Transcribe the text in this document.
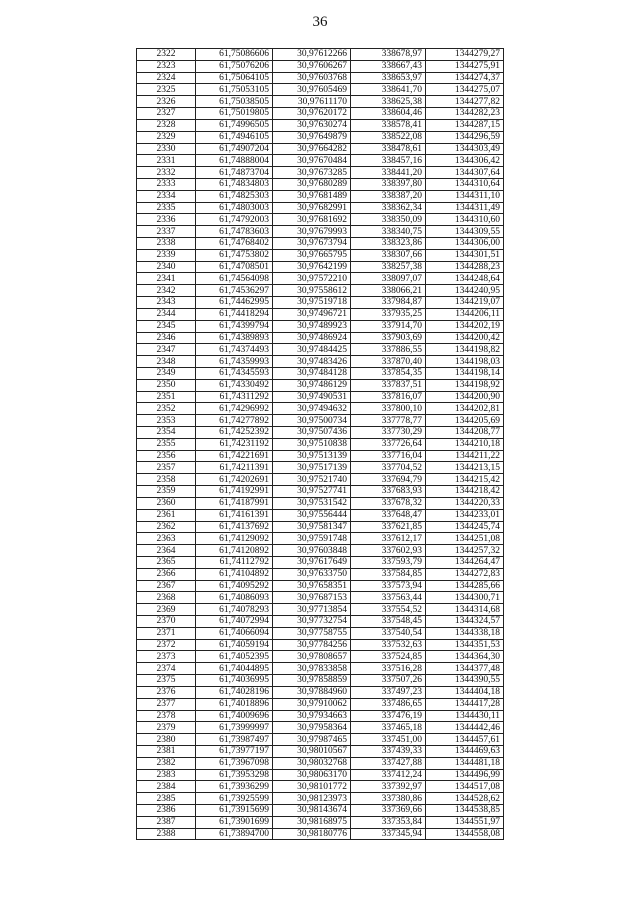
36
2322	61,75086606	30,97612266	338678,97	1344279,27
2323	61,75076206	30,97606267	338667,43	1344275,91
2324	61,75064105	30,97603768	338653,97	1344274,37
2325	61,75053105	30,97605469	338641,70	1344275,07
2326	61,75038505	30,97611170	338625,38	1344277,82
2327	61,75019805	30,97620172	338604,46	1344282,23
2328	61,74996505	30,97630274	338578,41	1344287,15
2329	61,74946105	30,97649879	338522,08	1344296,59
2330	61,74907204	30,97664282	338478,61	1344303,49
2331	61,74888004	30,97670484	338457,16	1344306,42
2332	61,74873704	30,97673285	338441,20	1344307,64
2333	61,74834803	30,97680289	338397,80	1344310,64
2334	61,74825303	30,97681489	338387,20	1344311,10
2335	61,74803003	30,97682991	338362,34	1344311,49
2336	61,74792003	30,97681692	338350,09	1344310,60
2337	61,74783603	30,97679993	338340,75	1344309,55
2338	61,74768402	30,97673794	338323,86	1344306,00
2339	61,74753802	30,97665795	338307,66	1344301,51
2340	61,74708501	30,97642199	338257,38	1344288,23
2341	61,74564098	30,97572210	338097,07	1344248,64
2342	61,74536297	30,97558612	338066,21	1344240,95
2343	61,74462995	30,97519718	337984,87	1344219,07
2344	61,74418294	30,97496721	337935,25	1344206,11
2345	61,74399794	30,97489923	337914,70	1344202,19
2346	61,74389893	30,97486924	337903,69	1344200,42
2347	61,74374493	30,97484425	337886,55	1344198,82
2348	61,74359993	30,97483426	337870,40	1344198,03
2349	61,74345593	30,97484128	337854,35	1344198,14
2350	61,74330492	30,97486129	337837,51	1344198,92
2351	61,74311292	30,97490531	337816,07	1344200,90
2352	61,74296992	30,97494632	337800,10	1344202,81
2353	61,74277892	30,97500734	337778,77	1344205,69
2354	61,74252392	30,97507436	337730,29	1344208,77
2355	61,74231192	30,97510838	337726,64	1344210,18
2356	61,74221691	30,97513139	337716,04	1344211,22
2357	61,74211391	30,97517139	337704,52	1344213,15
2358	61,74202691	30,97521740	337694,79	1344215,42
2359	61,74192991	30,97527741	337683,93	1344218,42
2360	61,74187991	30,97531542	337678,32	1344220,33
2361	61,74161391	30,97556444	337648,47	1344233,01
2362	61,74137692	30,97581347	337621,85	1344245,74
2363	61,74129092	30,97591748	337612,17	1344251,08
2364	61,74120892	30,97603848	337602,93	1344257,32
2365	61,74112792	30,97617649	337593,79	1344264,47
2366	61,74104892	30,97633750	337584,85	1344272,83
2367	61,74095292	30,97658351	337573,94	1344285,66
2368	61,74086093	30,97687153	337563,44	1344300,71
2369	61,74078293	30,97713854	337554,52	1344314,68
2370	61,74072994	30,97732754	337548,45	1344324,57
2371	61,74066094	30,97758755	337540,54	1344338,18
2372	61,74059194	30,97784256	337532,63	1344351,53
2373	61,74052395	30,97808657	337524,85	1344364,30
2374	61,74044895	30,97833858	337516,28	1344377,48
2375	61,74036995	30,97858859	337507,26	1344390,55
2376	61,74028196	30,97884960	337497,23	1344404,18
2377	61,74018896	30,97910062	337486,65	1344417,28
2378	61,74009696	30,97934663	337476,19	1344430,11
2379	61,73999997	30,97958364	337465,18	1344442,46
2380	61,73987497	30,97987465	337451,00	1344457,61
2381	61,73977197	30,98010567	337439,33	1344469,63
2382	61,73967098	30,98032768	337427,88	1344481,18
2383	61,73953298	30,98063170	337412,24	1344496,99
2384	61,73936299	30,98101772	337392,97	1344517,08
2385	61,73925599	30,98123973	337380,86	1344528,62
2386	61,73915699	30,98143674	337369,66	1344538,85
2387	61,73901699	30,98168975	337353,84	1344551,97
2388	61,73894700	30,98180776	337345,94	1344558,08
